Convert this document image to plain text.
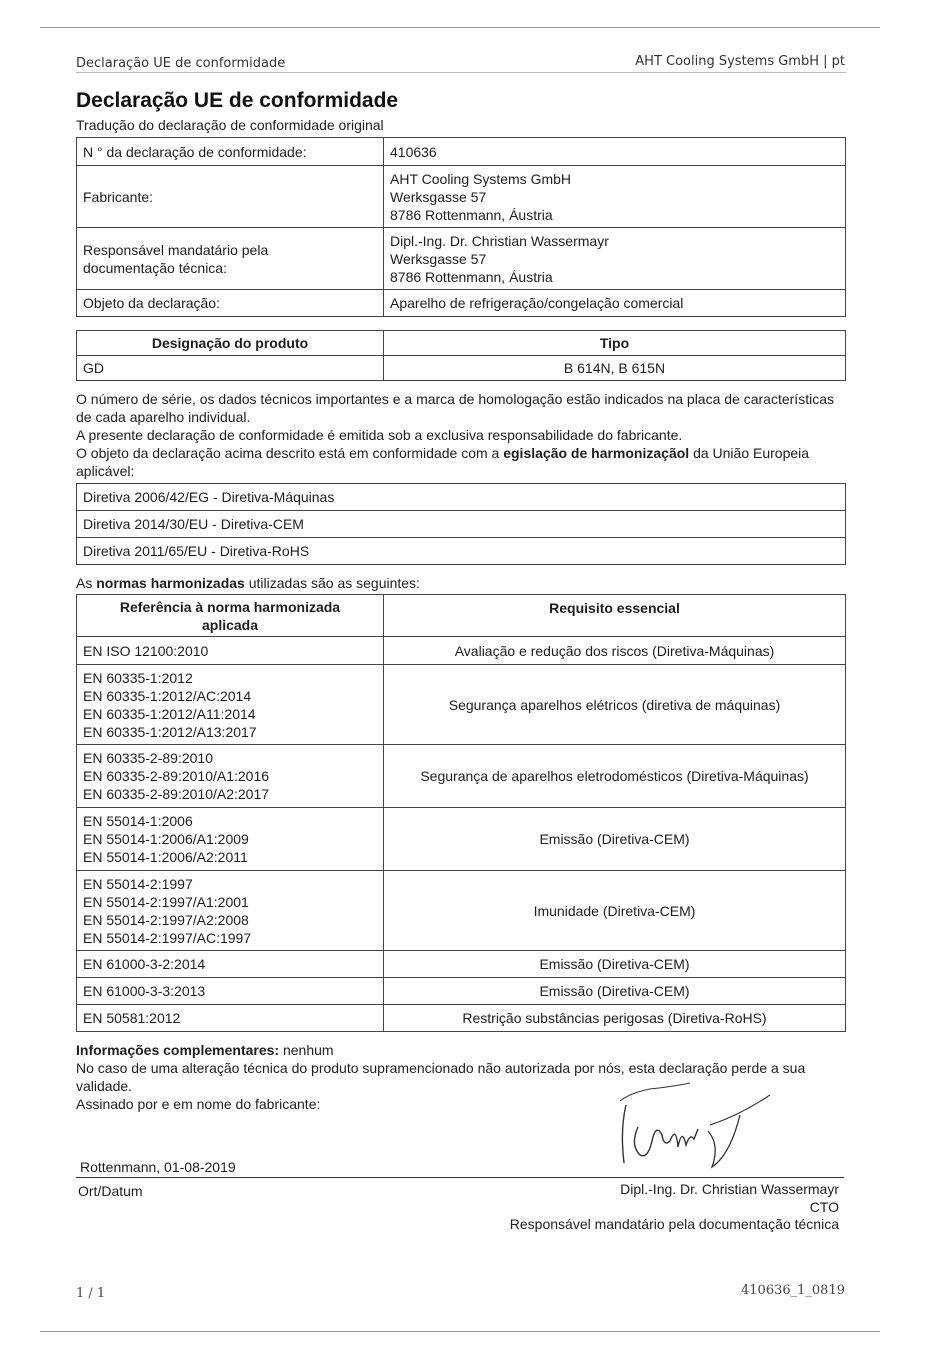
Declaração UE de conformidade	AHT Cooling Systems GmbH | pt
Declaração UE de conformidade
Tradução do declaração de conformidade original
N ° da declaração de conformidade:	410636
Fabricante:	AHT Cooling Systems GmbH
Werksgasse 57
8786 Rottenmann, Áustria
Responsável mandatário pela
documentação técnica:	Dipl.-Ing. Dr. Christian Wassermayr
Werksgasse 57
8786 Rottenmann, Áustria
Objeto da declaração:	Aparelho de refrigeração/congelação comercial
Designação do produto	Tipo
GD	B 614N, B 615N
O número de série, os dados técnicos importantes e a marca de homologação estão indicados na placa de características de cada aparelho individual.
A presente declaração de conformidade é emitida sob a exclusiva responsabilidade do fabricante.
O objeto da declaração acima descrito está em conformidade com a egislação de harmonizaçãol da União Europeia aplicável:
Diretiva 2006/42/EG - Diretiva-Máquinas
Diretiva 2014/30/EU - Diretiva-CEM
Diretiva 2011/65/EU - Diretiva-RoHS
As normas harmonizadas utilizadas são as seguintes:
Referência à norma harmonizada
aplicada	Requisito essencial
EN ISO 12100:2010	Avaliação e redução dos riscos (Diretiva-Máquinas)
EN 60335-1:2012
EN 60335-1:2012/AC:2014
EN 60335-1:2012/A11:2014
EN 60335-1:2012/A13:2017	Segurança aparelhos elétricos (diretiva de máquinas)
EN 60335-2-89:2010
EN 60335-2-89:2010/A1:2016
EN 60335-2-89:2010/A2:2017	Segurança de aparelhos eletrodomésticos (Diretiva-Máquinas)
EN 55014-1:2006
EN 55014-1:2006/A1:2009
EN 55014-1:2006/A2:2011	Emissão (Diretiva-CEM)
EN 55014-2:1997
EN 55014-2:1997/A1:2001
EN 55014-2:1997/A2:2008
EN 55014-2:1997/AC:1997	Imunidade (Diretiva-CEM)
EN 61000-3-2:2014	Emissão (Diretiva-CEM)
EN 61000-3-3:2013	Emissão (Diretiva-CEM)
EN 50581:2012	Restrição substâncias perigosas (Diretiva-RoHS)
Informações complementares: nenhum
No caso de uma alteração técnica do produto supramencionado não autorizada por nós, esta declaração perde a sua validade.
Assinado por e em nome do fabricante:
Rottenmann, 01-08-2019
Ort/Datum	Dipl.-Ing. Dr. Christian Wassermayr
CTO
Responsável mandatário pela documentação técnica
1 / 1	410636_1_0819
